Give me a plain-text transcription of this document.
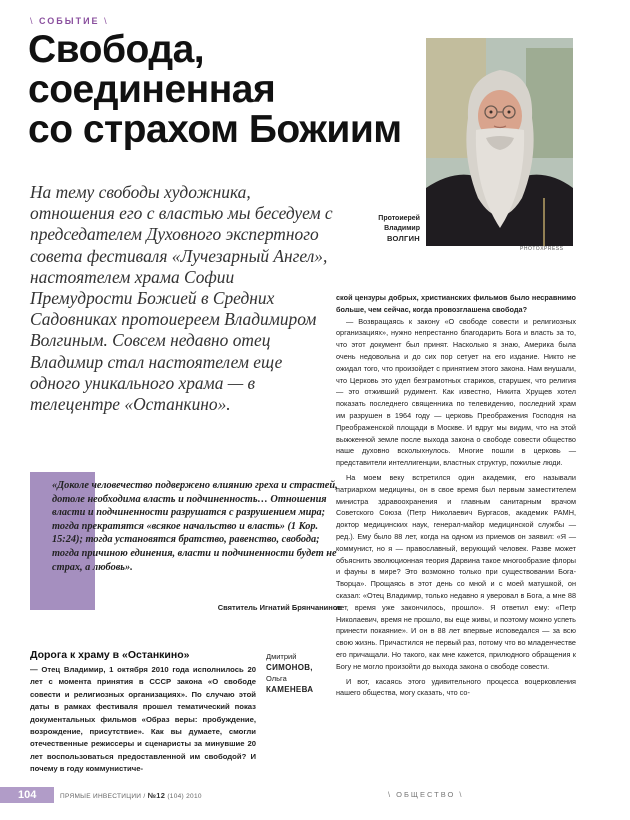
\ СОБЫТИЕ \
Свобода,
соединенная
со страхом Божиим
PHOTOXPRESS
Протоиерей
Владимир
ВОЛГИН
На тему свободы художника, отношения его с властью мы беседуем с председателем Духовного экспертного совета фестиваля «Лучезарный Ангел», настоятелем храма Софии Премудрости Божией в Средних Садовниках протоиереем Владимиром Волгиным. Совсем недавно отец Владимир стал настоятелем еще одного уникального храма — в телецентре «Останкино».
«Доколе человечество подвержено влиянию греха и страстей, дотоле необходима власть и подчиненность… Отношения власти и подчиненности разрушатся с разрушением мира; тогда прекратятся «всякое начальство и власть» (1 Кор. 15:24); тогда установятся братство, равенство, свобода; тогда причиною единения, власти и подчиненности будет не страх, а любовь».
Святитель Игнатий Брянчанинов
Дорога к храму в «Останкино»
— Отец Владимир, 1 октября 2010 года исполнилось 20 лет с момента принятия в СССР закона «О свободе совести и религиозных организациях». По случаю этой даты в рамках фестиваля прошел тематический показ документальных фильмов «Образ веры: пробуждение, возрождение, присутствие». Как вы думаете, смогли отечественные режиссеры и сценаристы за минувшие 20 лет воспользоваться предоставленной им свободой? И почему в году коммунистиче-
Дмитрий
СИМОНОВ,
Ольга
КАМЕНЕВА

ской цензуры добрых, христианских фильмов было несравнимо больше, чем сейчас, когда провозглашена свобода?

— Возвращаясь к закону «О свободе совести и религиозных организациях», нужно непрестанно благодарить Бога и власть за то, что этот документ был принят. Насколько я знаю, Америка была очень недовольна и до сих пор сетует на его издание. Никто не ожидал того, что произойдет с принятием этого закона. Нам внушали, что Церковь это удел безграмотных стариков, старушек, что религия — это отживший рудимент. Как известно, Никита Хрущев хотел показать последнего священника по телевидению, последний храм им разрушен в 1964 году — церковь Преображения Господня на Преображенской площади в Москве. И вдруг мы видим, что на этой выжженной земле после выхода закона о свободе совести общество наше духовно всколыхнулось. Многие пошли в церковь — представители интеллигенции, властных структур, пожилые люди.

На моем веку встретился один академик, его называли патриархом медицины, он в свое время был первым заместителем министра здравоохранения и главным санитарным врачом Советского Союза (Петр Николаевич Бургасов, академик РАМН, доктор медицинских наук, генерал-майор медицинской службы — ред.). Ему было 88 лет, когда на одном из приемов он заявил: «Я — коммунист, но я — православный, верующий человек. Разве может объяснить эволюционная теория Дарвина такое многообразие флоры и фауны в мире? Это возможно только при существовании Бога-Творца». Прощаясь в этот день со мной и с моей матушкой, он сказал: «Отец Владимир, только недавно я уверовал в Бога, а мне 88 лет, время уже закончилось, прошло». Я ответил ему: «Петр Николаевич, время не прошло, вы еще живы, и поэтому можно успеть принести покаяние». И он в 88 лет впервые исповедался — за всю свою жизнь. Причастился не первый раз, потому что во младенчестве его причащали. Но такого, как мне кажется, прилюдного обращения к Богу не могло произойти до выхода закона о свободе совести.

И вот, касаясь этого удивительного процесса воцерковления нашего общества, могу сказать, что со-

104	ПРЯМЫЕ ИНВЕСТИЦИИ / №12 (104) 2010	\ ОБЩЕСТВО \
